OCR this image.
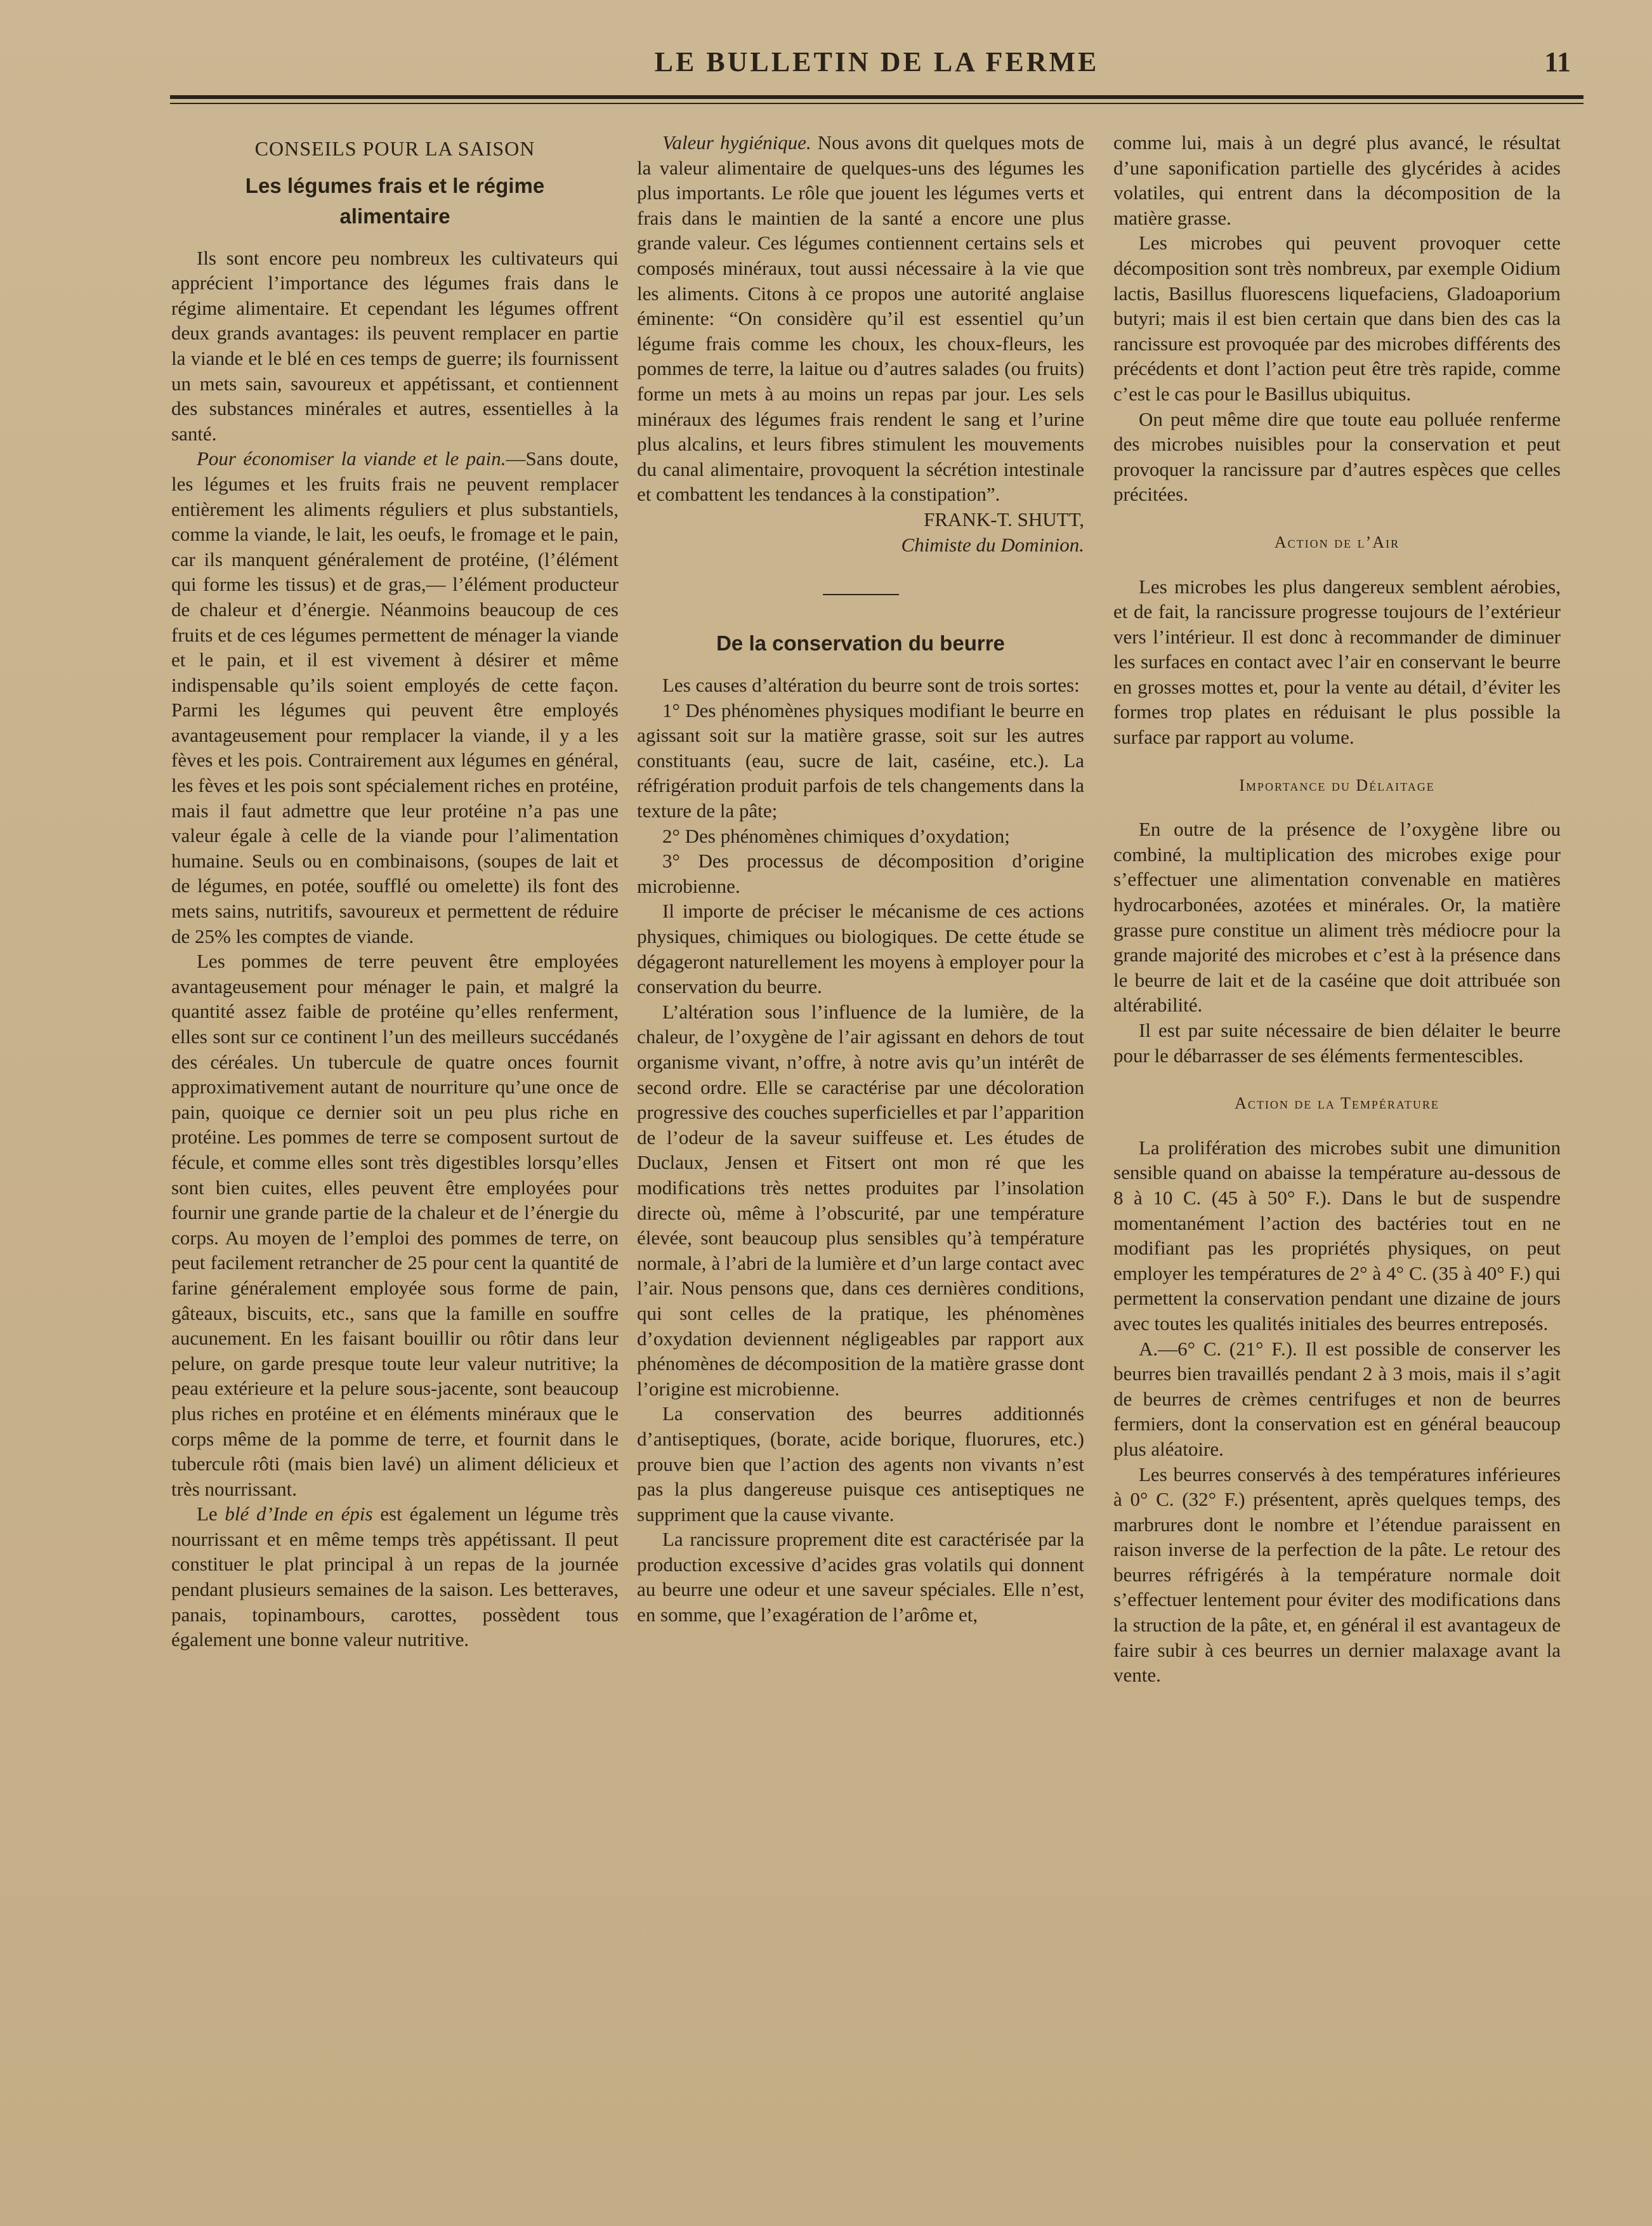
LE BULLETIN DE LA FERME	11
CONSEILS POUR LA SAISON
Les légumes frais et le régime alimentaire

Ils sont encore peu nombreux les cultivateurs qui apprécient l’importance des légumes frais dans le régime alimentaire. Et cependant les légumes offrent deux grands avantages: ils peuvent remplacer en partie la viande et le blé en ces temps de guerre; ils fournissent un mets sain, savoureux et appétissant, et contiennent des substances minérales et autres, essentielles à la santé.

Pour économiser la viande et le pain.—Sans doute, les légumes et les fruits frais ne peuvent remplacer entièrement les aliments réguliers et plus substantiels, comme la viande, le lait, les oeufs, le fromage et le pain, car ils manquent généralement de protéine, (l’élément qui forme les tissus) et de gras,— l’élément producteur de chaleur et d’énergie. Néanmoins beaucoup de ces fruits et de ces légumes permettent de ménager la viande et le pain, et il est vivement à désirer et même indispensable qu’ils soient employés de cette façon. Parmi les légumes qui peuvent être employés avantageusement pour remplacer la viande, il y a les fèves et les pois. Contrairement aux légumes en général, les fèves et les pois sont spécialement riches en protéine, mais il faut admettre que leur protéine n’a pas une valeur égale à celle de la viande pour l’alimentation humaine. Seuls ou en combinaisons, (soupes de lait et de légumes, en potée, soufflé ou omelette) ils font des mets sains, nutritifs, savoureux et permettent de réduire de 25% les comptes de viande.

Les pommes de terre peuvent être employées avantageusement pour ménager le pain, et malgré la quantité assez faible de protéine qu’elles renferment, elles sont sur ce continent l’un des meilleurs succédanés des céréales. Un tubercule de quatre onces fournit approximativement autant de nourriture qu’une once de pain, quoique ce dernier soit un peu plus riche en protéine. Les pommes de terre se composent surtout de fécule, et comme elles sont très digestibles lorsqu’elles sont bien cuites, elles peuvent être employées pour fournir une grande partie de la chaleur et de l’énergie du corps. Au moyen de l’emploi des pommes de terre, on peut facilement retrancher de 25 pour cent la quantité de farine généralement employée sous forme de pain, gâteaux, biscuits, etc., sans que la famille en souffre aucunement. En les faisant bouillir ou rôtir dans leur pelure, on garde presque toute leur valeur nutritive; la peau extérieure et la pelure sous-jacente, sont beaucoup plus riches en protéine et en éléments minéraux que le corps même de la pomme de terre, et fournit dans le tubercule rôti (mais bien lavé) un aliment délicieux et très nourrissant.

Le blé d’Inde en épis est également un légume très nourrissant et en même temps très appétissant. Il peut constituer le plat principal à un repas de la journée pendant plusieurs semaines de la saison. Les betteraves, panais, topinambours, carottes, possèdent tous également une bonne valeur nutritive.

Valeur hygiénique. Nous avons dit quelques mots de la valeur alimentaire de quelques-uns des légumes les plus importants. Le rôle que jouent les légumes verts et frais dans le maintien de la santé a encore une plus grande valeur. Ces légumes contiennent certains sels et composés minéraux, tout aussi nécessaire à la vie que les aliments. Citons à ce propos une autorité anglaise éminente: “On considère qu’il est essentiel qu’un légume frais comme les choux, les choux-fleurs, les pommes de terre, la laitue ou d’autres salades (ou fruits) forme un mets à au moins un repas par jour. Les sels minéraux des légumes frais rendent le sang et l’urine plus alcalins, et leurs fibres stimulent les mouvements du canal alimentaire, provoquent la sécrétion intestinale et combattent les tendances à la constipation”.

FRANK-T. SHUTT,

Chimiste du Dominion.

De la conservation du beurre

Les causes d’altération du beurre sont de trois sortes:

1° Des phénomènes physiques modifiant le beurre en agissant soit sur la matière grasse, soit sur les autres constituants (eau, sucre de lait, caséine, etc.). La réfrigération produit parfois de tels changements dans la texture de la pâte;

2° Des phénomènes chimiques d’oxydation;

3° Des processus de décomposition d’origine microbienne.

Il importe de préciser le mécanisme de ces actions physiques, chimiques ou biologiques. De cette étude se dégageront naturellement les moyens à employer pour la conservation du beurre.

L’altération sous l’influence de la lumière, de la chaleur, de l’oxygène de l’air agissant en dehors de tout organisme vivant, n’offre, à notre avis qu’un intérêt de second ordre. Elle se caractérise par une décoloration progressive des couches superficielles et par l’apparition de l’odeur de la saveur suiffeuse et. Les études de Duclaux, Jensen et Fitsert ont mon ré que les modifications très nettes produites par l’insolation directe où, même à l’obscurité, par une température élevée, sont beaucoup plus sensibles qu’à température normale, à l’abri de la lumière et d’un large contact avec l’air. Nous pensons que, dans ces dernières conditions, qui sont celles de la pratique, les phénomènes d’oxydation deviennent négligeables par rapport aux phénomènes de décomposition de la matière grasse dont l’origine est microbienne.

La conservation des beurres additionnés d’antiseptiques, (borate, acide borique, fluorures, etc.) prouve bien que l’action des agents non vivants n’est pas la plus dangereuse puisque ces antiseptiques ne suppriment que la cause vivante.

La rancissure proprement dite est caractérisée par la production excessive d’acides gras volatils qui donnent au beurre une odeur et une saveur spéciales. Elle n’est, en somme, que l’exagération de l’arôme et,

comme lui, mais à un degré plus avancé, le résultat d’une saponification partielle des glycérides à acides volatiles, qui entrent dans la décomposition de la matière grasse.

Les microbes qui peuvent provoquer cette décomposition sont très nombreux, par exemple Oidium lactis, Basillus fluorescens liquefaciens, Gladoaporium butyri; mais il est bien certain que dans bien des cas la rancissure est provoquée par des microbes différents des précédents et dont l’action peut être très rapide, comme c’est le cas pour le Basillus ubiquitus.

On peut même dire que toute eau polluée renferme des microbes nuisibles pour la conservation et peut provoquer la rancissure par d’autres espèces que celles précitées.

Action de l’Air

Les microbes les plus dangereux semblent aérobies, et de fait, la rancissure progresse toujours de l’extérieur vers l’intérieur. Il est donc à recommander de diminuer les surfaces en contact avec l’air en conservant le beurre en grosses mottes et, pour la vente au détail, d’éviter les formes trop plates en réduisant le plus possible la surface par rapport au volume.

Importance du Délaitage

En outre de la présence de l’oxygène libre ou combiné, la multiplication des microbes exige pour s’effectuer une alimentation convenable en matières hydrocarbonées, azotées et minérales. Or, la matière grasse pure constitue un aliment très médiocre pour la grande majorité des microbes et c’est à la présence dans le beurre de lait et de la caséine que doit attribuée son altérabilité.

Il est par suite nécessaire de bien délaiter le beurre pour le débarrasser de ses éléments fermentescibles.

Action de la Température

La prolifération des microbes subit une dimunition sensible quand on abaisse la température au-dessous de 8 à 10 C. (45 à 50° F.). Dans le but de suspendre momentanément l’action des bactéries tout en ne modifiant pas les propriétés physiques, on peut employer les températures de 2° à 4° C. (35 à 40° F.) qui permettent la conservation pendant une dizaine de jours avec toutes les qualités initiales des beurres entreposés.

A.—6° C. (21° F.). Il est possible de conserver les beurres bien travaillés pendant 2 à 3 mois, mais il s’agit de beurres de crèmes centrifuges et non de beurres fermiers, dont la conservation est en général beaucoup plus aléatoire.

Les beurres conservés à des températures inférieures à 0° C. (32° F.) présentent, après quelques temps, des marbrures dont le nombre et l’étendue paraissent en raison inverse de la perfection de la pâte. Le retour des beurres réfrigérés à la température normale doit s’effectuer lentement pour éviter des modifications dans la struction de la pâte, et, en général il est avantageux de faire subir à ces beurres un dernier malaxage avant la vente.
